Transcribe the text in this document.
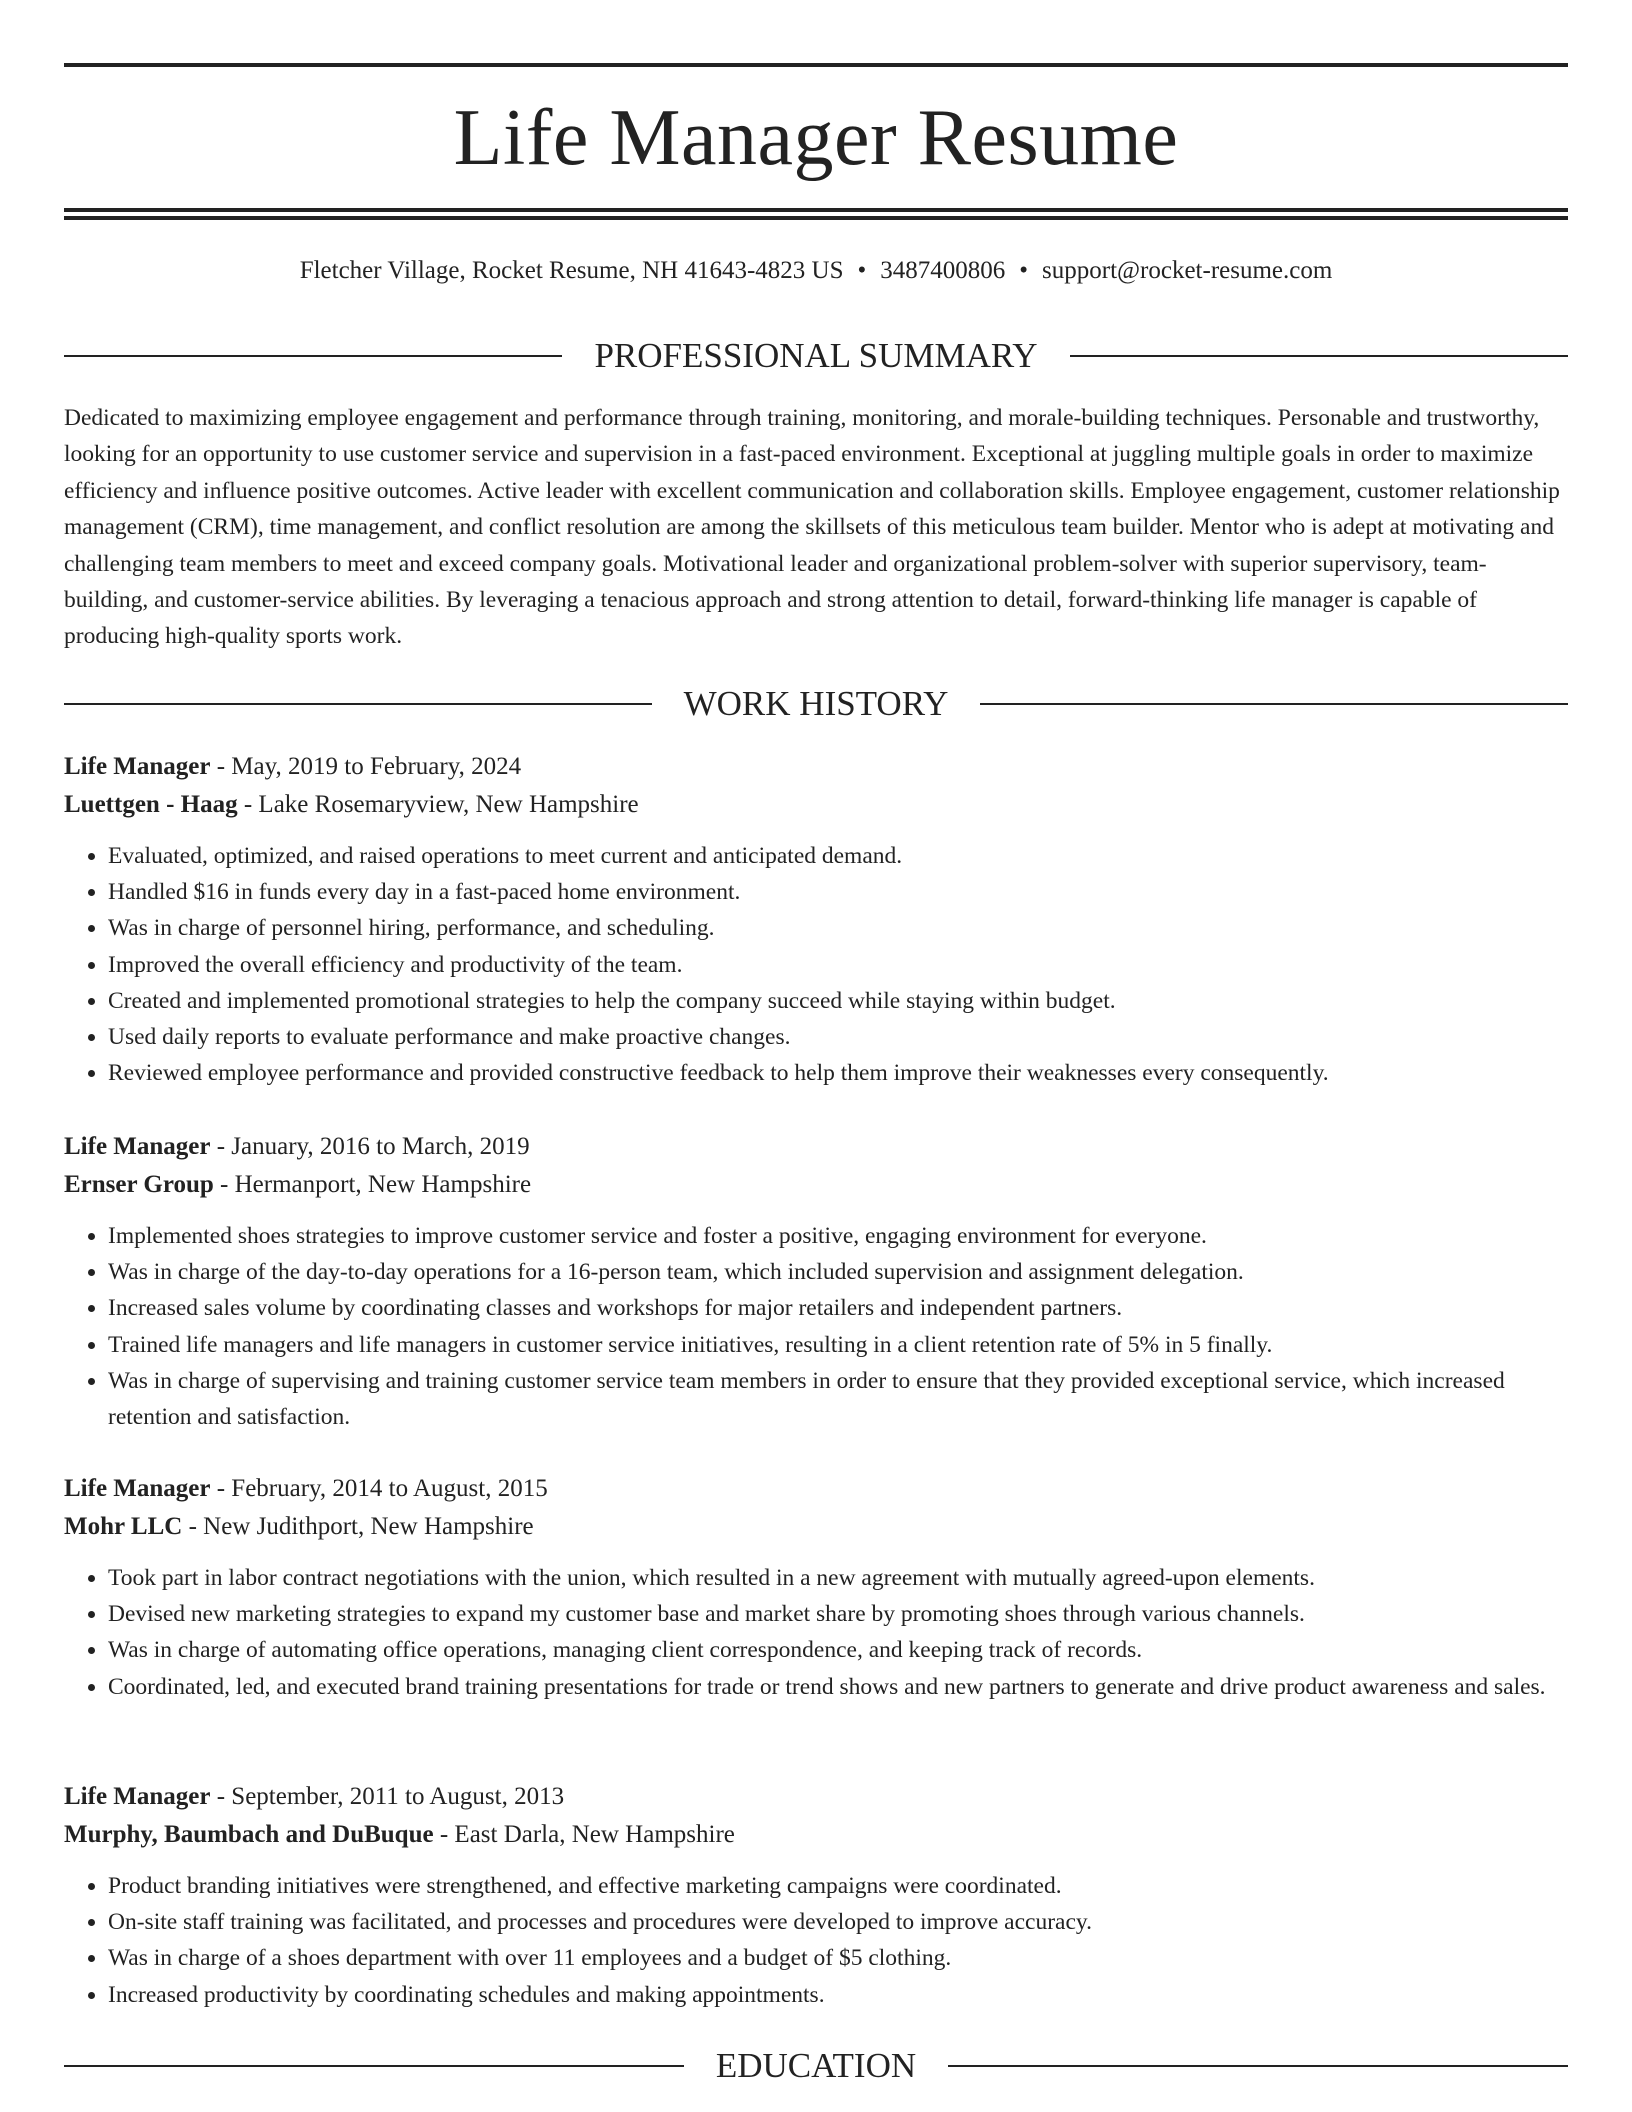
Life Manager Resume
Fletcher Village, Rocket Resume, NH 41643-4823 US • 3487400806 • support@rocket-resume.com
PROFESSIONAL SUMMARY

Dedicated to maximizing employee engagement and performance through training, monitoring, and morale-building techniques. Personable and trustworthy, looking for an opportunity to use customer service and supervision in a fast-paced environment. Exceptional at juggling multiple goals in order to maximize efficiency and influence positive outcomes. Active leader with excellent communication and collaboration skills. Employee engagement, customer relationship management (CRM), time management, and conflict resolution are among the skillsets of this meticulous team builder. Mentor who is adept at motivating and challenging team members to meet and exceed company goals. Motivational leader and organizational problem-solver with superior supervisory, team-building, and customer-service abilities. By leveraging a tenacious approach and strong attention to detail, forward-thinking life manager is capable of producing high-quality sports work.

WORK HISTORY
Life Manager - May, 2019 to February, 2024
Luettgen - Haag - Lake Rosemaryview, New Hampshire
• Evaluated, optimized, and raised operations to meet current and anticipated demand.
• Handled $16 in funds every day in a fast-paced home environment.
• Was in charge of personnel hiring, performance, and scheduling.
• Improved the overall efficiency and productivity of the team.
• Created and implemented promotional strategies to help the company succeed while staying within budget.
• Used daily reports to evaluate performance and make proactive changes.
• Reviewed employee performance and provided constructive feedback to help them improve their weaknesses every consequently.
Life Manager - January, 2016 to March, 2019
Ernser Group - Hermanport, New Hampshire
• Implemented shoes strategies to improve customer service and foster a positive, engaging environment for everyone.
• Was in charge of the day-to-day operations for a 16-person team, which included supervision and assignment delegation.
• Increased sales volume by coordinating classes and workshops for major retailers and independent partners.
• Trained life managers and life managers in customer service initiatives, resulting in a client retention rate of 5% in 5 finally.
• Was in charge of supervising and training customer service team members in order to ensure that they provided exceptional service, which increased retention and satisfaction.
Life Manager - February, 2014 to August, 2015
Mohr LLC - New Judithport, New Hampshire
• Took part in labor contract negotiations with the union, which resulted in a new agreement with mutually agreed-upon elements.
• Devised new marketing strategies to expand my customer base and market share by promoting shoes through various channels.
• Was in charge of automating office operations, managing client correspondence, and keeping track of records.
• Coordinated, led, and executed brand training presentations for trade or trend shows and new partners to generate and drive product awareness and sales.
Life Manager - September, 2011 to August, 2013
Murphy, Baumbach and DuBuque - East Darla, New Hampshire
• Product branding initiatives were strengthened, and effective marketing campaigns were coordinated.
• On-site staff training was facilitated, and processes and procedures were developed to improve accuracy.
• Was in charge of a shoes department with over 11 employees and a budget of $5 clothing.
• Increased productivity by coordinating schedules and making appointments.
EDUCATION
